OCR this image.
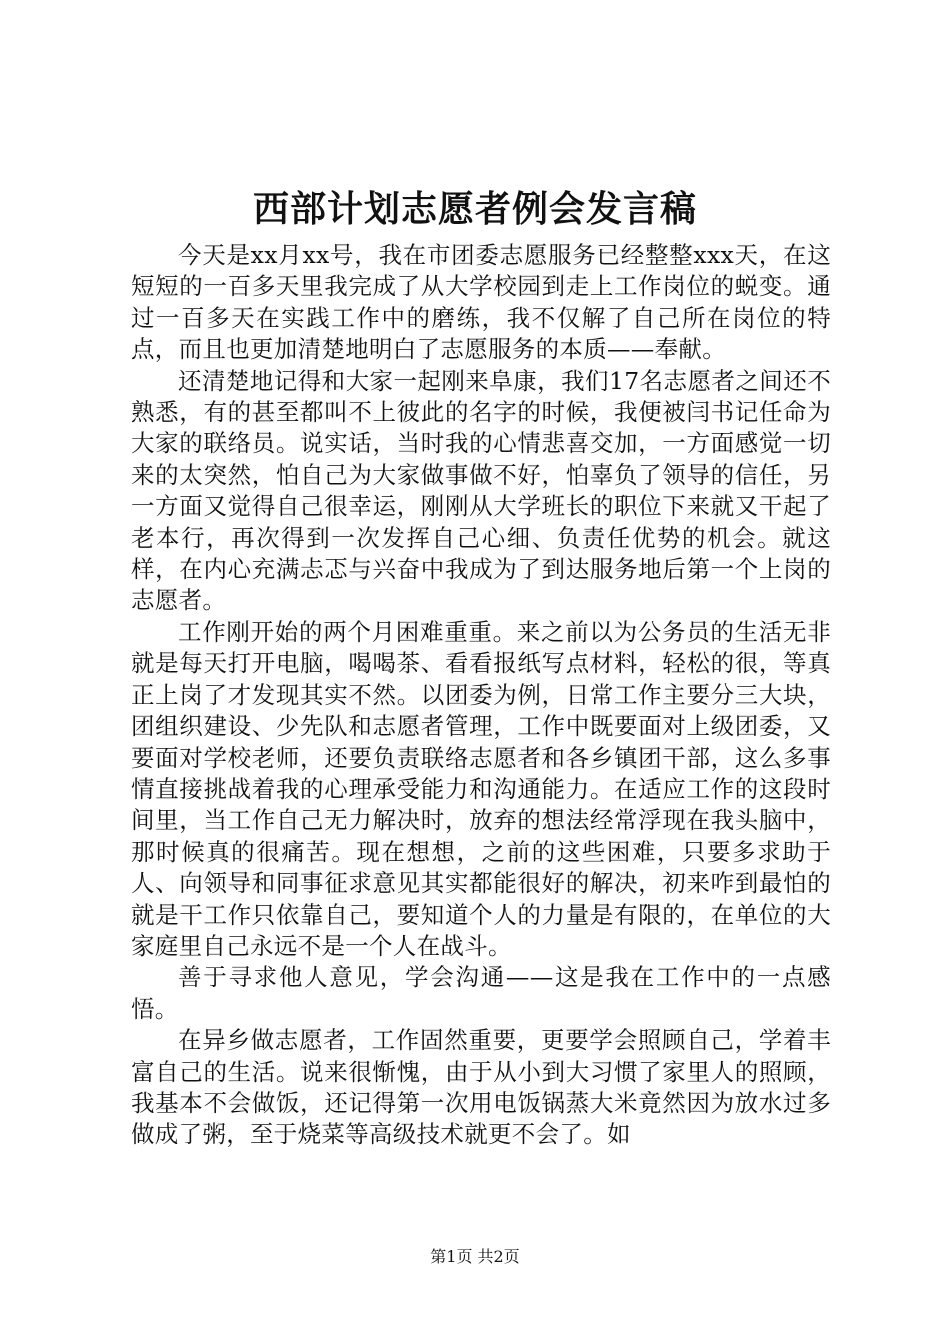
西部计划志愿者例会发言稿

今天是xx月xx号，我在市团委志愿服务已经整整xxx天，在这短短的一百多天里我完成了从大学校园到走上工作岗位的蜕变。通过一百多天在实践工作中的磨练，我不仅解了自己所在岗位的特点，而且也更加清楚地明白了志愿服务的本质——奉献。

还清楚地记得和大家一起刚来阜康，我们17名志愿者之间还不熟悉，有的甚至都叫不上彼此的名字的时候，我便被闫书记任命为大家的联络员。说实话，当时我的心情悲喜交加，一方面感觉一切来的太突然，怕自己为大家做事做不好，怕辜负了领导的信任，另一方面又觉得自己很幸运，刚刚从大学班长的职位下来就又干起了老本行，再次得到一次发挥自己心细、负责任优势的机会。就这样，在内心充满忐忑与兴奋中我成为了到达服务地后第一个上岗的志愿者。

工作刚开始的两个月困难重重。来之前以为公务员的生活无非就是每天打开电脑，喝喝茶、看看报纸写点材料，轻松的很，等真正上岗了才发现其实不然。以团委为例，日常工作主要分三大块，团组织建设、少先队和志愿者管理，工作中既要面对上级团委，又要面对学校老师，还要负责联络志愿者和各乡镇团干部，这么多事情直接挑战着我的心理承受能力和沟通能力。在适应工作的这段时间里，当工作自己无力解决时，放弃的想法经常浮现在我头脑中，那时候真的很痛苦。现在想想，之前的这些困难，只要多求助于人、向领导和同事征求意见其实都能很好的解决，初来咋到最怕的就是干工作只依靠自己，要知道个人的力量是有限的，在单位的大家庭里自己永远不是一个人在战斗。

善于寻求他人意见，学会沟通——这是我在工作中的一点感悟。

在异乡做志愿者，工作固然重要，更要学会照顾自己，学着丰富自己的生活。说来很惭愧，由于从小到大习惯了家里人的照顾，我基本不会做饭，还记得第一次用电饭锅蒸大米竟然因为放水过多做成了粥，至于烧菜等高级技术就更不会了。如

第1页 共2页
